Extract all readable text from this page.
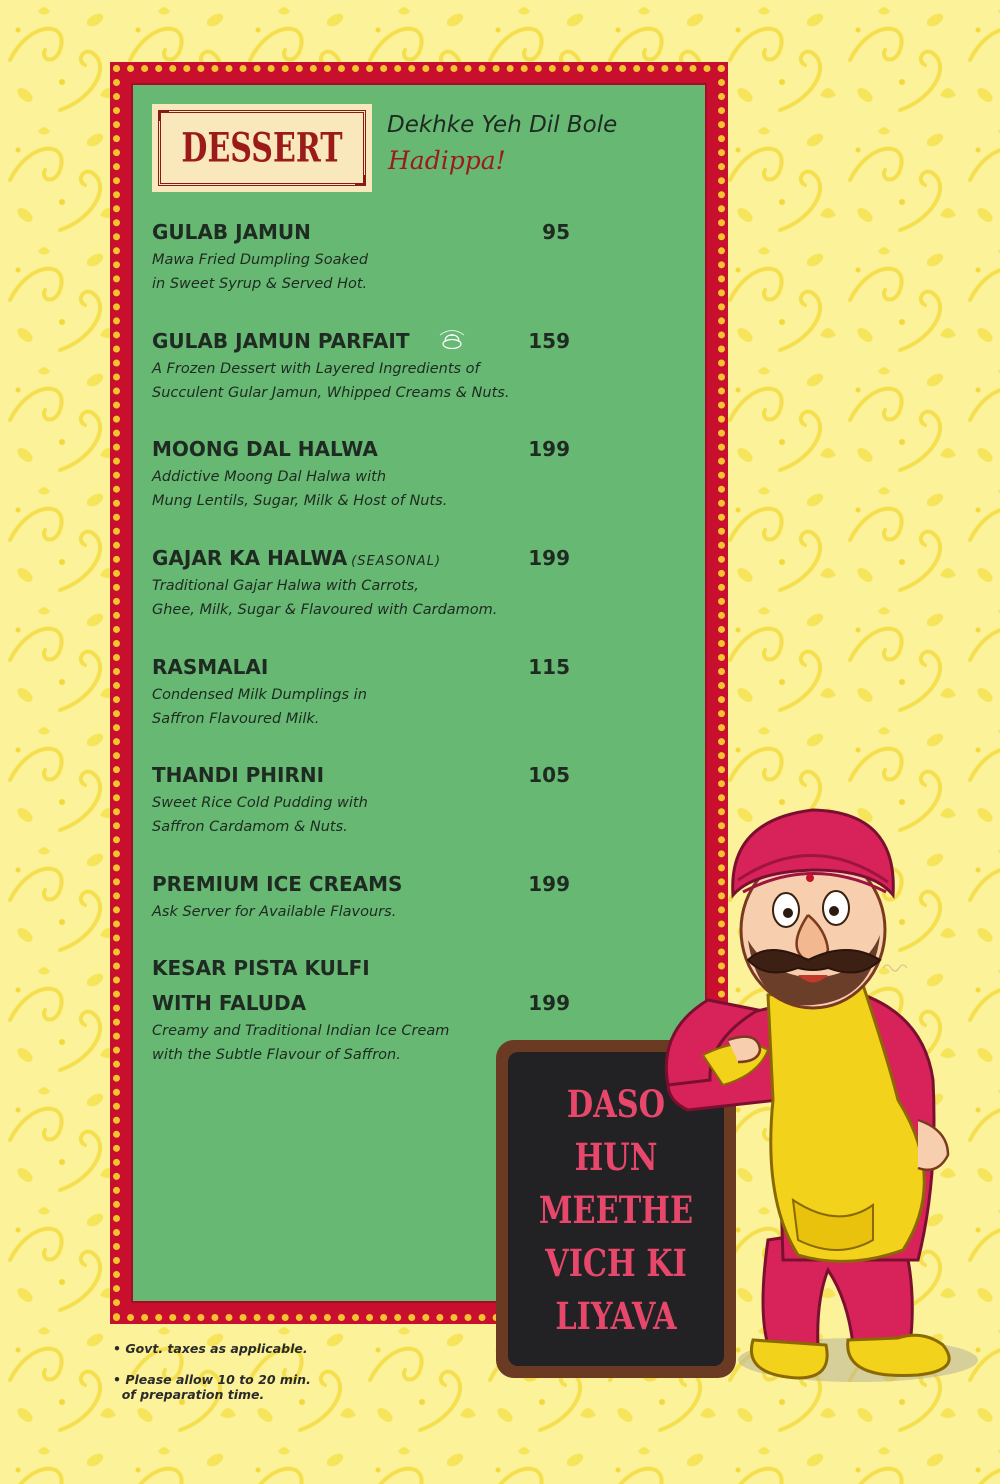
DESSERT	Dekhke Yeh Dil Bole
Hadippa!
GULAB JAMUN	95
Mawa Fried Dumpling Soaked
in Sweet Syrup & Served Hot.
GULAB JAMUN PARFAIT	159
A Frozen Dessert with Layered Ingredients of
Succulent Gular Jamun, Whipped Creams & Nuts.
MOONG DAL HALWA	199
Addictive Moong Dal Halwa with
Mung Lentils, Sugar, Milk & Host of Nuts.
GAJAR KA HALWA (SEASONAL)	199
Traditional Gajar Halwa with Carrots,
Ghee, Milk, Sugar & Flavoured with Cardamom.
RASMALAI	115
Condensed Milk Dumplings in
Saffron Flavoured Milk.
THANDI PHIRNI	105
Sweet Rice Cold Pudding with
Saffron Cardamom & Nuts.
PREMIUM ICE CREAMS	199
Ask Server for Available Flavours.
KESAR PISTA KULFI
WITH FALUDA	199
Creamy and Traditional Indian Ice Cream
with the Subtle Flavour of Saffron.
• Govt. taxes as applicable.
• Please allow 10 to 20 min.
of preparation time.
DASO
HUN
MEETHE
VICH KI
LIYAVA
